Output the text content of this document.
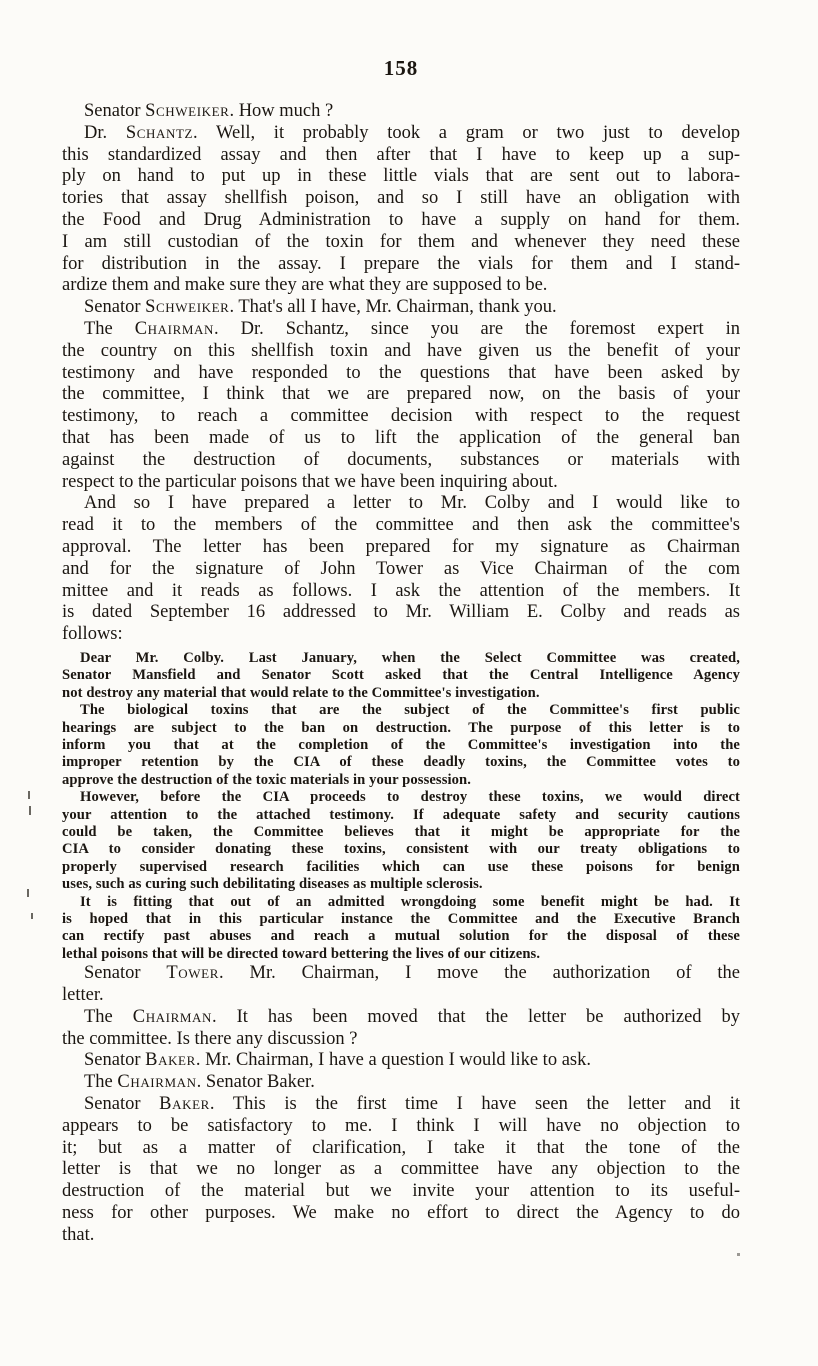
158
Senator Schweiker. How much ?
Dr. Schantz. Well, it probably took a gram or two just to develop
this standardized assay and then after that I have to keep up a sup-
ply on hand to put up in these little vials that are sent out to labora-
tories that assay shellfish poison, and so I still have an obligation with
the Food and Drug Administration to have a supply on hand for them.
I am still custodian of the toxin for them and whenever they need these
for distribution in the assay. I prepare the vials for them and I stand-
ardize them and make sure they are what they are supposed to be.
Senator Schweiker. That's all I have, Mr. Chairman, thank you.
The Chairman. Dr. Schantz, since you are the foremost expert in
the country on this shellfish toxin and have given us the benefit of your
testimony and have responded to the questions that have been asked by
the committee, I think that we are prepared now, on the basis of your
testimony, to reach a committee decision with respect to the request
that has been made of us to lift the application of the general ban
against the destruction of documents, substances or materials with
respect to the particular poisons that we have been inquiring about.
And so I have prepared a letter to Mr. Colby and I would like to
read it to the members of the committee and then ask the committee's
approval. The letter has been prepared for my signature as Chairman
and for the signature of John Tower as Vice Chairman of the com
mittee and it reads as follows. I ask the attention of the members. It
is dated September 16 addressed to Mr. William E. Colby and reads as
follows:
Dear Mr. Colby. Last January, when the Select Committee was created,
Senator Mansfield and Senator Scott asked that the Central Intelligence Agency
not destroy any material that would relate to the Committee's investigation.
The biological toxins that are the subject of the Committee's first public
hearings are subject to the ban on destruction. The purpose of this letter is to
inform you that at the completion of the Committee's investigation into the
improper retention by the CIA of these deadly toxins, the Committee votes to
approve the destruction of the toxic materials in your possession.
However, before the CIA proceeds to destroy these toxins, we would direct
your attention to the attached testimony. If adequate safety and security cautions
could be taken, the Committee believes that it might be appropriate for the
CIA to consider donating these toxins, consistent with our treaty obligations to
properly supervised research facilities which can use these poisons for benign
uses, such as curing such debilitating diseases as multiple sclerosis.
It is fitting that out of an admitted wrongdoing some benefit might be had. It
is hoped that in this particular instance the Committee and the Executive Branch
can rectify past abuses and reach a mutual solution for the disposal of these
lethal poisons that will be directed toward bettering the lives of our citizens.
Senator Tower. Mr. Chairman, I move the authorization of the
letter.
The Chairman. It has been moved that the letter be authorized by
the committee. Is there any discussion ?
Senator Baker. Mr. Chairman, I have a question I would like to ask.
The Chairman. Senator Baker.
Senator Baker. This is the first time I have seen the letter and it
appears to be satisfactory to me. I think I will have no objection to
it; but as a matter of clarification, I take it that the tone of the
letter is that we no longer as a committee have any objection to the
destruction of the material but we invite your attention to its useful-
ness for other purposes. We make no effort to direct the Agency to do
that.
